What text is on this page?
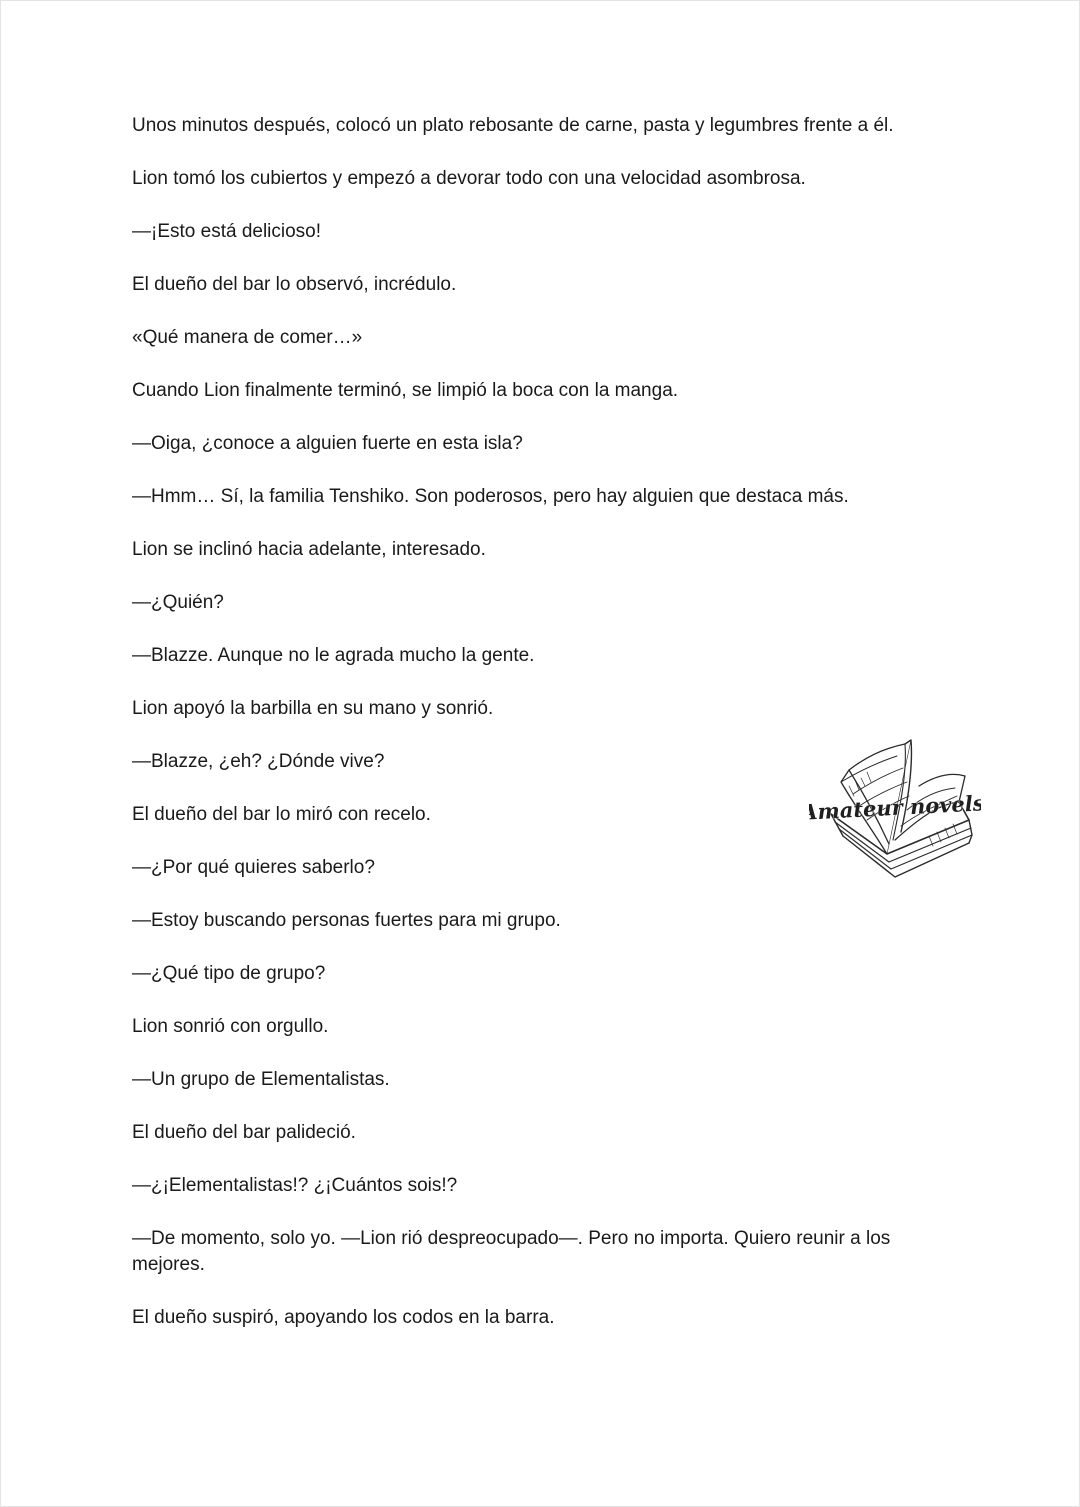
Unos minutos después, colocó un plato rebosante de carne, pasta y legumbres frente a él.

Lion tomó los cubiertos y empezó a devorar todo con una velocidad asombrosa.

—¡Esto está delicioso!

El dueño del bar lo observó, incrédulo.

«Qué manera de comer…»

Cuando Lion finalmente terminó, se limpió la boca con la manga.

—Oiga, ¿conoce a alguien fuerte en esta isla?

—Hmm… Sí, la familia Tenshiko. Son poderosos, pero hay alguien que destaca más.

Lion se inclinó hacia adelante, interesado.

—¿Quién?

—Blazze. Aunque no le agrada mucho la gente.

Lion apoyó la barbilla en su mano y sonrió.

—Blazze, ¿eh? ¿Dónde vive?

El dueño del bar lo miró con recelo.

—¿Por qué quieres saberlo?

—Estoy buscando personas fuertes para mi grupo.

—¿Qué tipo de grupo?

Lion sonrió con orgullo.

—Un grupo de Elementalistas.

El dueño del bar palideció.

—¿¡Elementalistas!? ¿¡Cuántos sois!?

—De momento, solo yo. —Lion rió despreocupado—. Pero no importa. Quiero reunir a los mejores.

El dueño suspiró, apoyando los codos en la barra.

Amateur novels
